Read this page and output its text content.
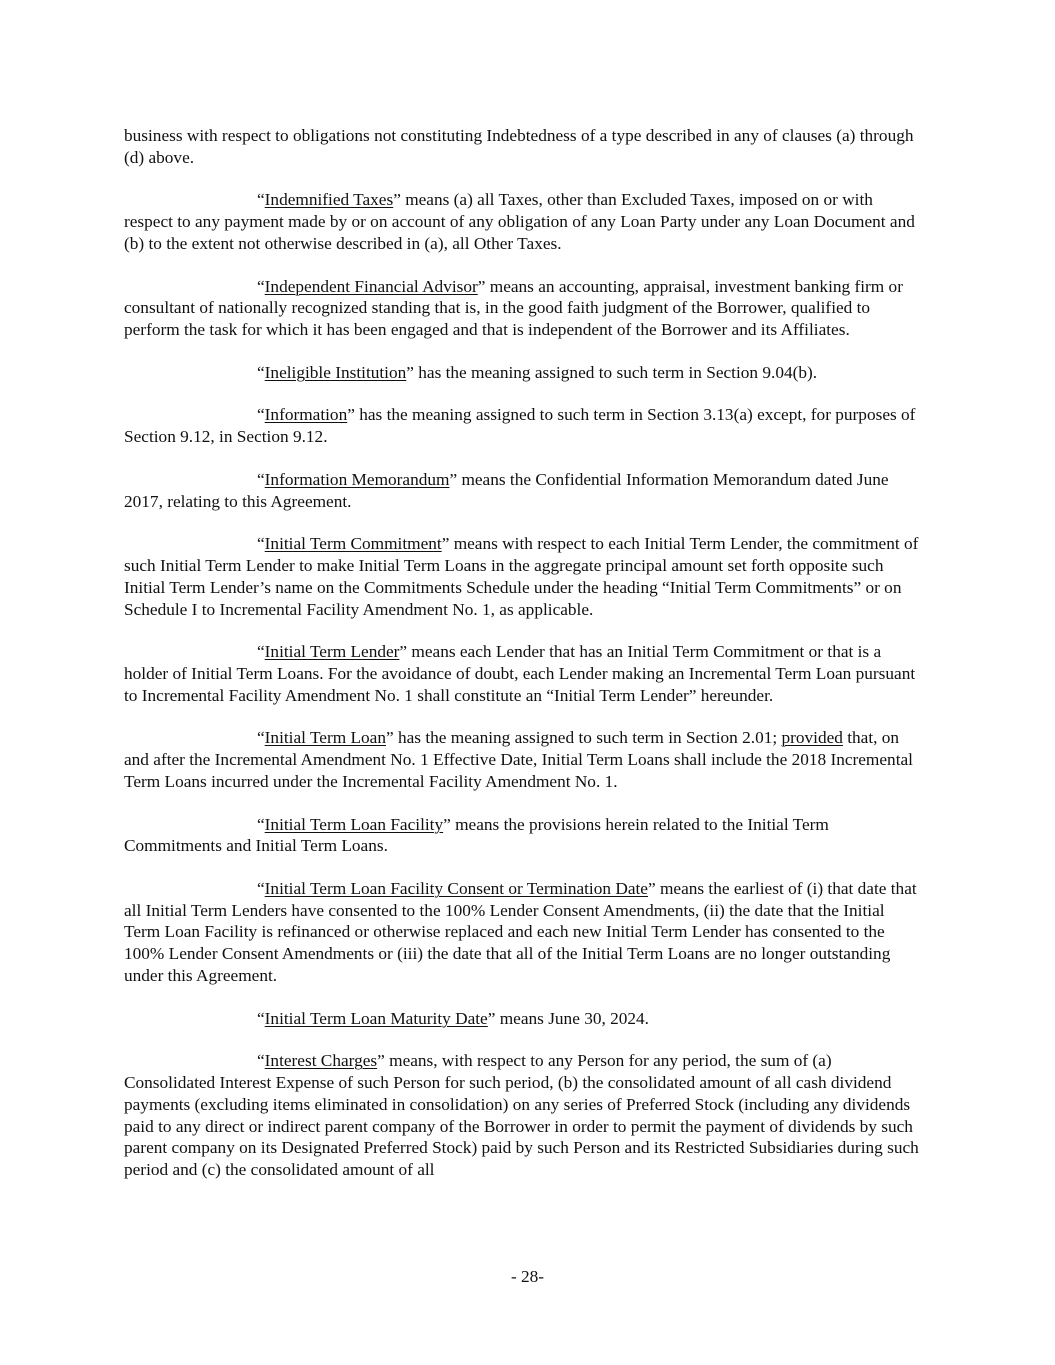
business with respect to obligations not constituting Indebtedness of a type described in any of clauses (a) through (d) above.

“Indemnified Taxes” means (a) all Taxes, other than Excluded Taxes, imposed on or with respect to any payment made by or on account of any obligation of any Loan Party under any Loan Document and (b) to the extent not otherwise described in (a), all Other Taxes.

“Independent Financial Advisor” means an accounting, appraisal, investment banking firm or consultant of nationally recognized standing that is, in the good faith judgment of the Borrower, qualified to perform the task for which it has been engaged and that is independent of the Borrower and its Affiliates.

“Ineligible Institution” has the meaning assigned to such term in Section 9.04(b).

“Information” has the meaning assigned to such term in Section 3.13(a) except, for purposes of Section 9.12, in Section 9.12.

“Information Memorandum” means the Confidential Information Memorandum dated June 2017, relating to this Agreement.

“Initial Term Commitment” means with respect to each Initial Term Lender, the commitment of such Initial Term Lender to make Initial Term Loans in the aggregate principal amount set forth opposite such Initial Term Lender’s name on the Commitments Schedule under the heading “Initial Term Commitments” or on Schedule I to Incremental Facility Amendment No. 1, as applicable.

“Initial Term Lender” means each Lender that has an Initial Term Commitment or that is a holder of Initial Term Loans. For the avoidance of doubt, each Lender making an Incremental Term Loan pursuant to Incremental Facility Amendment No. 1 shall constitute an “Initial Term Lender” hereunder.

“Initial Term Loan” has the meaning assigned to such term in Section 2.01; provided that, on and after the Incremental Amendment No. 1 Effective Date, Initial Term Loans shall include the 2018 Incremental Term Loans incurred under the Incremental Facility Amendment No. 1.

“Initial Term Loan Facility” means the provisions herein related to the Initial Term Commitments and Initial Term Loans.

“Initial Term Loan Facility Consent or Termination Date” means the earliest of (i) that date that all Initial Term Lenders have consented to the 100% Lender Consent Amendments, (ii) the date that the Initial Term Loan Facility is refinanced or otherwise replaced and each new Initial Term Lender has consented to the 100% Lender Consent Amendments or (iii) the date that all of the Initial Term Loans are no longer outstanding under this Agreement.

“Initial Term Loan Maturity Date” means June 30, 2024.

“Interest Charges” means, with respect to any Person for any period, the sum of (a) Consolidated Interest Expense of such Person for such period, (b) the consolidated amount of all cash dividend payments (excluding items eliminated in consolidation) on any series of Preferred Stock (including any dividends paid to any direct or indirect parent company of the Borrower in order to permit the payment of dividends by such parent company on its Designated Preferred Stock) paid by such Person and its Restricted Subsidiaries during such period and (c) the consolidated amount of all

- 28-
